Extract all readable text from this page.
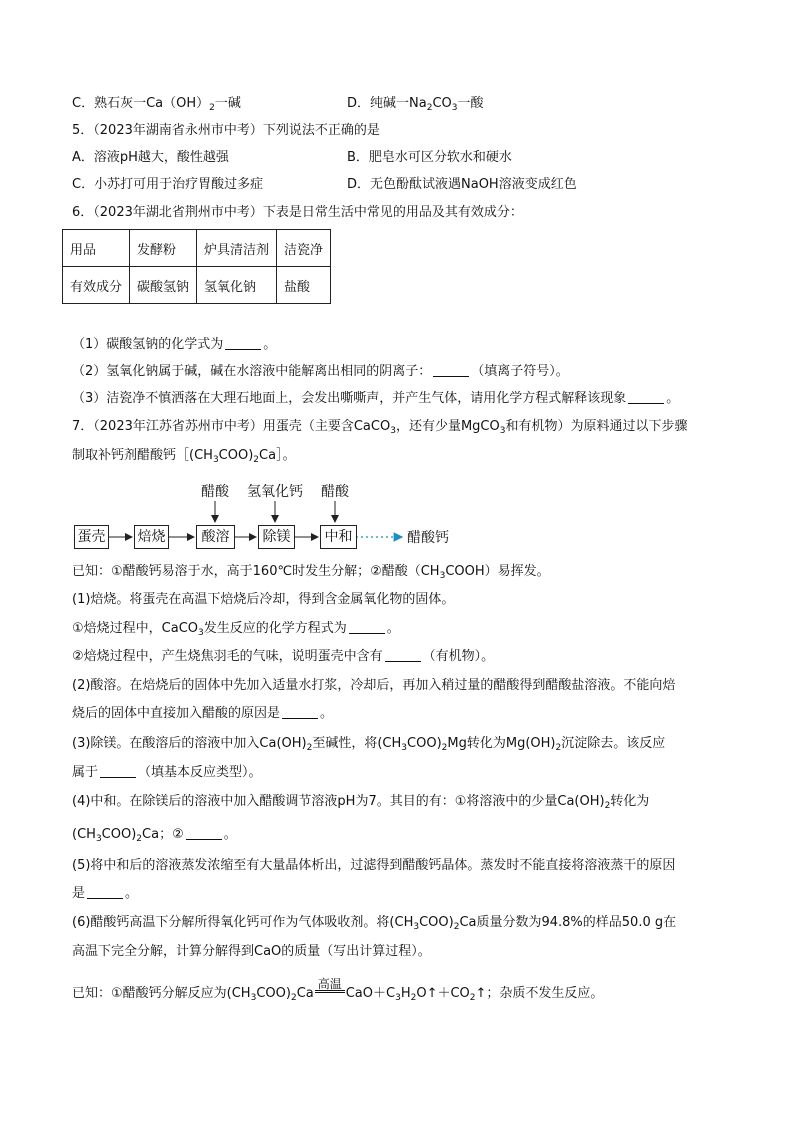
C．熟石灰一$Ca(OH)_2$一碱	D．纯碱一$Na_2CO_3$一酸
5．（2023年湖南省永州市中考）下列说法不正确的是
A．溶液pH越大，酸性越强	B．肥皂水可区分软水和硬水
C．小苏打可用于治疗胃酸过多症	D．无色酚酞试液遇NaOH溶液变成红色
6．（2023年湖北省荆州市中考）下表是日常生活中常见的用品及其有效成分：
用品	发酵粉	炉具清洁剂	洁瓷净
有效成分	碳酸氢钠	氢氧化钠	盐酸
（1）碳酸氢钠的化学式为	。
（2）氢氧化钠属于碱，碱在水溶液中能解离出相同的阴离子：	（填离子符号）。
（3）洁瓷净不慎洒落在大理石地面上，会发出嘶嘶声，并产生气体，请用化学方程式解释该现象	。
7．（2023年江苏省苏州市中考）用蛋壳（主要含CaCO$_3$，还有少量MgCO$_3$和有机物）为原料通过以下步骤
制取补钙剂醋酸钙$[(CH_3COO)_2Ca]$。
醋酸 氢氧化钙 醋酸
蛋壳 焙烧	酸溶	除镁	中和	醋酸钙
已知：①醋酸钙易溶于水，高于160℃时发生分解；②醋酸$(CH_3COOH)$易挥发。
(1)焙烧。将蛋壳在高温下焙烧后冷却，得到含金属氧化物的固体。
①焙烧过程中，CaCO$_3$发生反应的化学方程式为	。
②焙烧过程中，产生烧焦羽毛的气味，说明蛋壳中含有	（有机物）。
(2)酸溶。在焙烧后的固体中先加入适量水打浆，冷却后，再加入稍过量的醋酸得到醋酸盐溶液。不能向焙
烧后的固体中直接加入醋酸的原因是	。
(3)除镁。在酸溶后的溶液中加入$Ca(OH)_2$至碱性，将$(CH_3COO)_2Mg$转化为$Mg(OH)_2$沉淀除去。该反应
属于	（填基本反应类型）。
(4)中和。在除镁后的溶液中加入醋酸调节溶液pH为7。其目的有：①将溶液中的少量$Ca(OH)_2$转化为
$(CH_3COO)_2Ca$；②	。
(5)将中和后的溶液蒸发浓缩至有大量晶体析出，过滤得到醋酸钙晶体。蒸发时不能直接将溶液蒸干的原因
是	。
(6)醋酸钙高温下分解所得氧化钙可作为气体吸收剂。将$(CH_3COO)_2Ca$质量分数为94.8%的样品50.0 g在
高温下完全分解，计算分解得到CaO的质量（写出计算过程）。
已知：①醋酸钙分解反应为$(CH_3COO)_2Ca$
高温
$CaO+C_3H_2O↑+CO_2↑$；杂质不发生反应。
